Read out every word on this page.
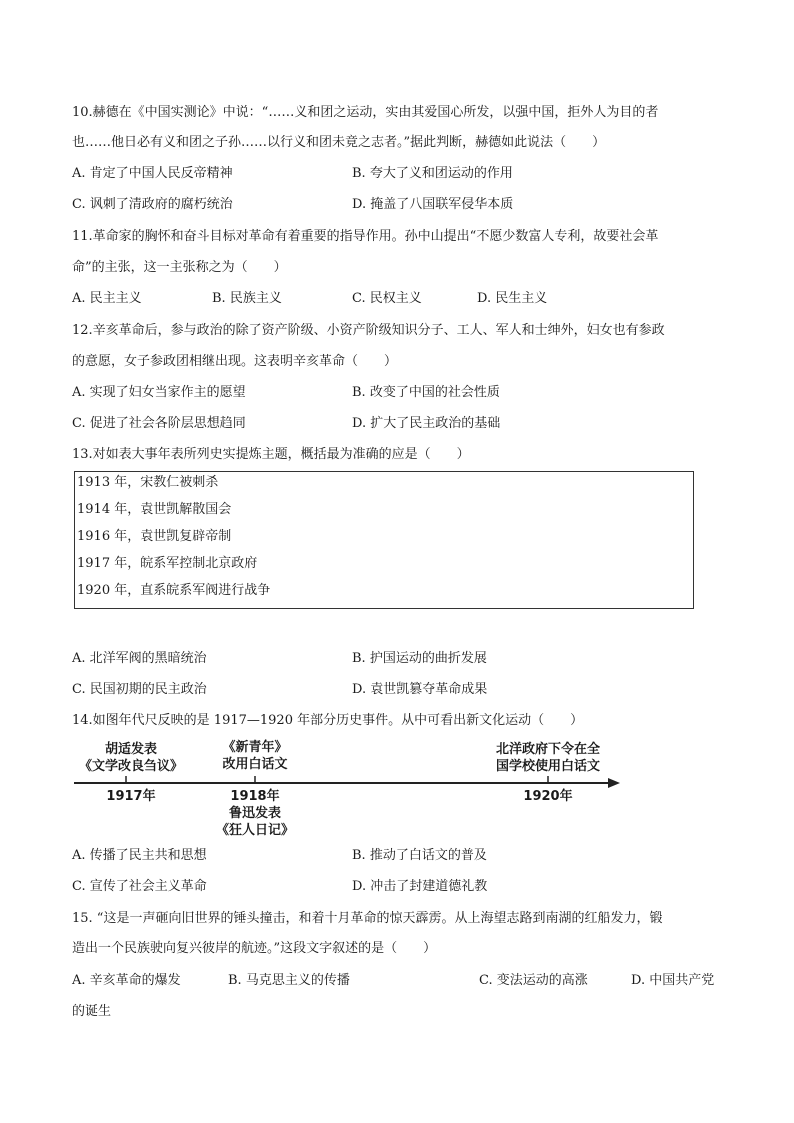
10.赫德在《中国实测论》中说：“……义和团之运动，实由其爱国心所发，以强中国，拒外人为目的者
也……他日必有义和团之子孙……以行义和团未竟之志者。”据此判断，赫德如此说法（　　）
A. 肯定了中国人民反帝精神	B. 夸大了义和团运动的作用
C. 讽刺了清政府的腐朽统治	D. 掩盖了八国联军侵华本质
11.革命家的胸怀和奋斗目标对革命有着重要的指导作用。孙中山提出“不愿少数富人专利，故要社会革
命”的主张，这一主张称之为（　　）
A. 民主主义	B. 民族主义	C. 民权主义	D. 民生主义
12.辛亥革命后，参与政治的除了资产阶级、小资产阶级知识分子、工人、军人和士绅外，妇女也有参政
的意愿，女子参政团相继出现。这表明辛亥革命（　　）
A. 实现了妇女当家作主的愿望	B. 改变了中国的社会性质
C. 促进了社会各阶层思想趋同	D. 扩大了民主政治的基础
13.对如表大事年表所列史实提炼主题，概括最为准确的应是（　　）
1913 年，宋教仁被刺杀
1914 年，袁世凯解散国会
1916 年，袁世凯复辟帝制
1917 年，皖系军控制北京政府
1920 年，直系皖系军阀进行战争
A. 北洋军阀的黑暗统治	B. 护国运动的曲折发展
C. 民国初期的民主政治	D. 袁世凯篡夺革命成果
14.如图年代尺反映的是 1917—1920 年部分历史事件。从中可看出新文化运动（　　）
胡适发表
《文学改良刍议》
《新青年》
改用白话文
北洋政府下令在全
国学校使用白话文
1917年	1918年	1920年
鲁迅发表
《狂人日记》
A. 传播了民主共和思想	B. 推动了白话文的普及
C. 宣传了社会主义革命	D. 冲击了封建道德礼教
15. “这是一声砸向旧世界的锤头撞击，和着十月革命的惊天霹雳。从上海望志路到南湖的红船发力，锻
造出一个民族驶向复兴彼岸的航迹。”这段文字叙述的是（　　）
A. 辛亥革命的爆发	B. 马克思主义的传播	C. 变法运动的高涨	D. 中国共产党
的诞生
